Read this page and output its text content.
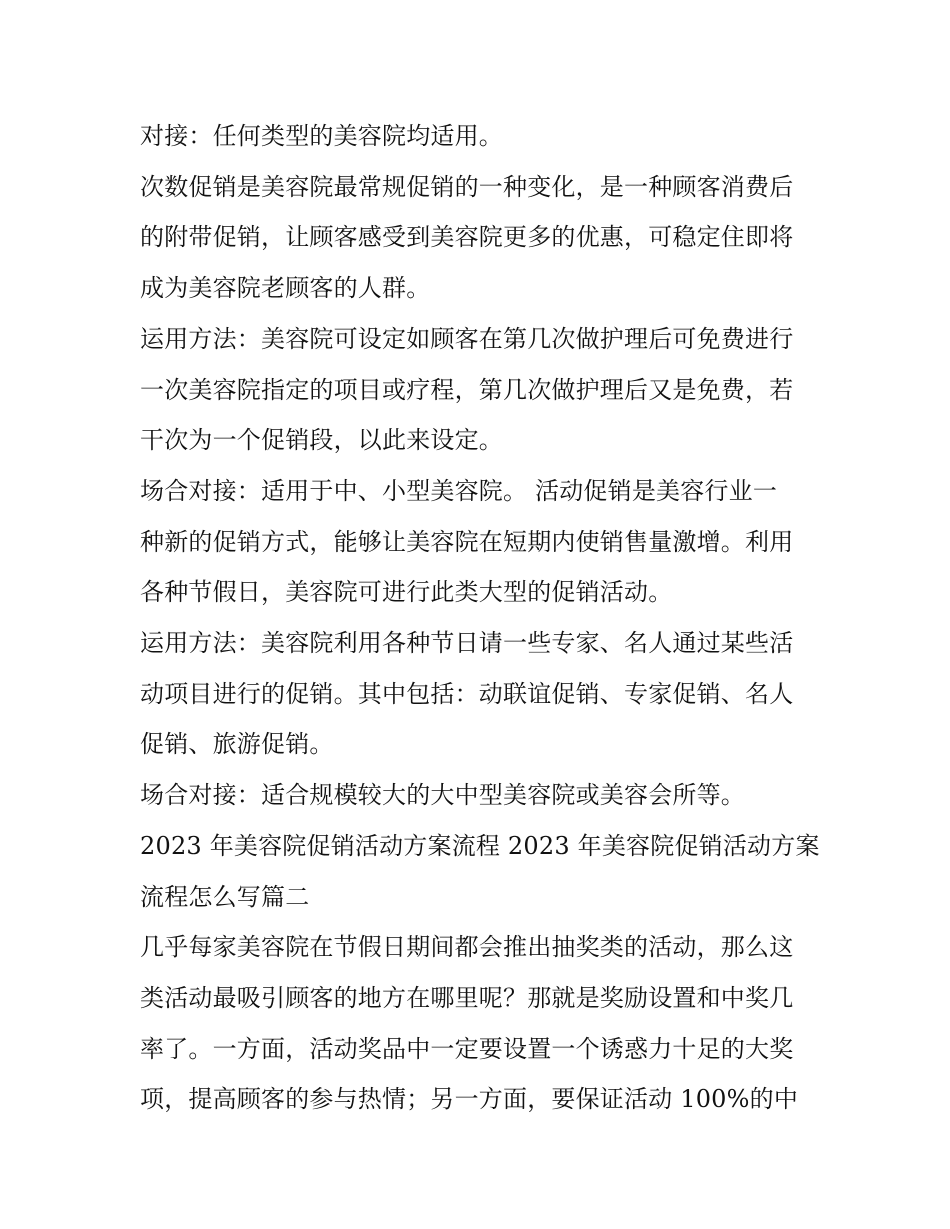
对接：任何类型的美容院均适用。
次数促销是美容院最常规促销的一种变化，是一种顾客消费后
的附带促销，让顾客感受到美容院更多的优惠，可稳定住即将
成为美容院老顾客的人群。
运用方法：美容院可设定如顾客在第几次做护理后可免费进行
一次美容院指定的项目或疗程，第几次做护理后又是免费，若
干次为一个促销段，以此来设定。
场合对接：适用于中、小型美容院。 活动促销是美容行业一
种新的促销方式，能够让美容院在短期内使销售量激增。利用
各种节假日，美容院可进行此类大型的促销活动。
运用方法：美容院利用各种节日请一些专家、名人通过某些活
动项目进行的促销。其中包括：动联谊促销、专家促销、名人
促销、旅游促销。
场合对接：适合规模较大的大中型美容院或美容会所等。
2023 年美容院促销活动方案流程 2023 年美容院促销活动方案
流程怎么写篇二
几乎每家美容院在节假日期间都会推出抽奖类的活动，那么这
类活动最吸引顾客的地方在哪里呢？那就是奖励设置和中奖几
率了。一方面，活动奖品中一定要设置一个诱惑力十足的大奖
项，提高顾客的参与热情；另一方面，要保证活动 100%的中
